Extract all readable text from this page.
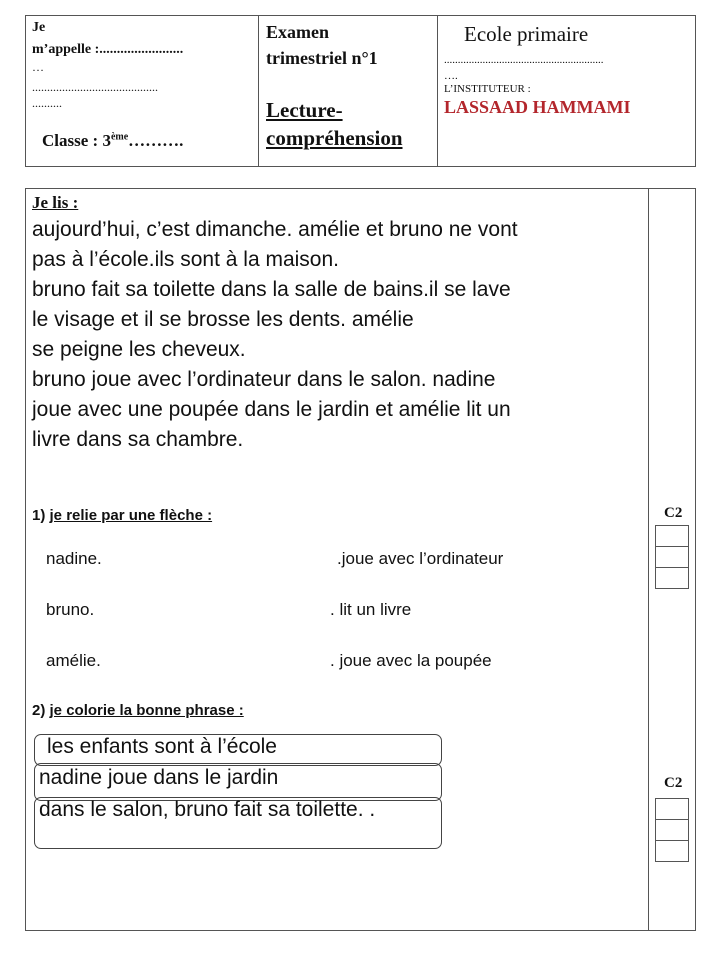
Je
m’appelle :........................
…
..........................................
..........
Classe : 3ème……….
Examen
trimestriel n°1
Lecture-
compréhension
Ecole primaire
..........................................................
….
L’INSTITUTEUR :
LASSAAD HAMMAMI
Je lis :
aujourd’hui, c’est dimanche. amélie et bruno ne vont
pas à l’école.ils sont à la maison.
bruno fait sa toilette dans la salle de bains.il se lave
le visage et il se brosse les dents. amélie
se peigne les cheveux.
bruno joue avec l’ordinateur dans le salon. nadine
joue avec une poupée dans le jardin et amélie lit un
livre dans sa chambre.
1) je relie par une flèche :
nadine.	.joue avec l’ordinateur
bruno.	. lit un livre
amélie.	. joue avec la poupée
2) je colorie la bonne phrase :
les enfants sont à l’école
nadine joue dans le jardin
dans le salon, bruno fait sa toilette. .
C2
C2
